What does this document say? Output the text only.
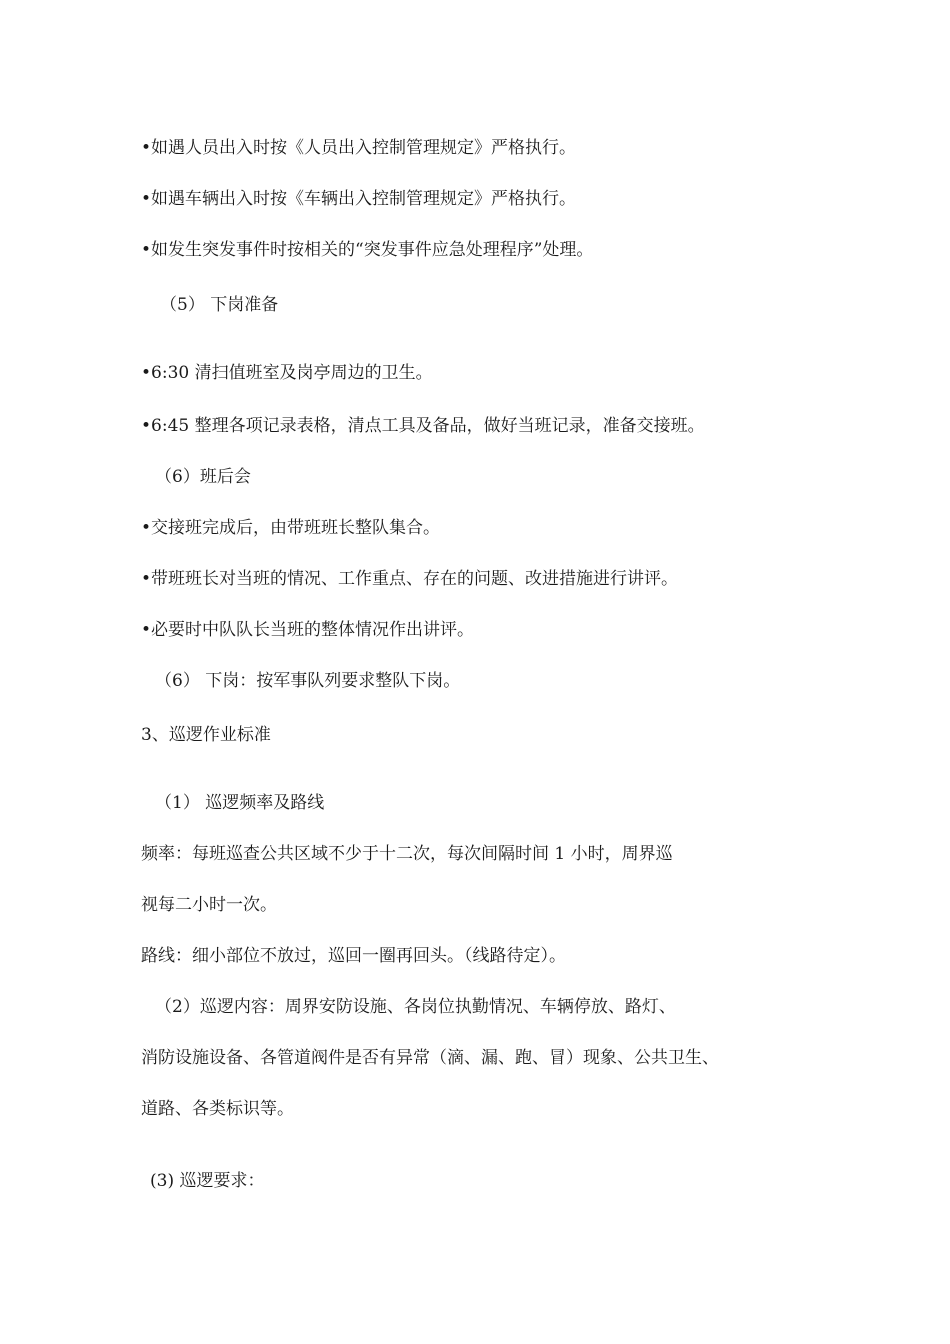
•如遇人员出入时按《人员出入控制管理规定》严格执行。
•如遇车辆出入时按《车辆出入控制管理规定》严格执行。
•如发生突发事件时按相关的“突发事件应急处理程序”处理。
（5） 下岗准备
•6:30 清扫值班室及岗亭周边的卫生。
•6:45 整理各项记录表格，清点工具及备品，做好当班记录，准备交接班。
（6）班后会
•交接班完成后，由带班班长整队集合。
•带班班长对当班的情况、工作重点、存在的问题、改进措施进行讲评。
•必要时中队队长当班的整体情况作出讲评。
（6） 下岗：按军事队列要求整队下岗。
3、巡逻作业标准
（1） 巡逻频率及路线
频率：每班巡查公共区域不少于十二次，每次间隔时间 1 小时，周界巡
视每二小时一次。
路线：细小部位不放过，巡回一圈再回头。（线路待定）。
（2）巡逻内容：周界安防设施、各岗位执勤情况、车辆停放、路灯、
消防设施设备、各管道阀件是否有异常（滴、漏、跑、冒）现象、公共卫生、
道路、各类标识等。
(3) 巡逻要求：
